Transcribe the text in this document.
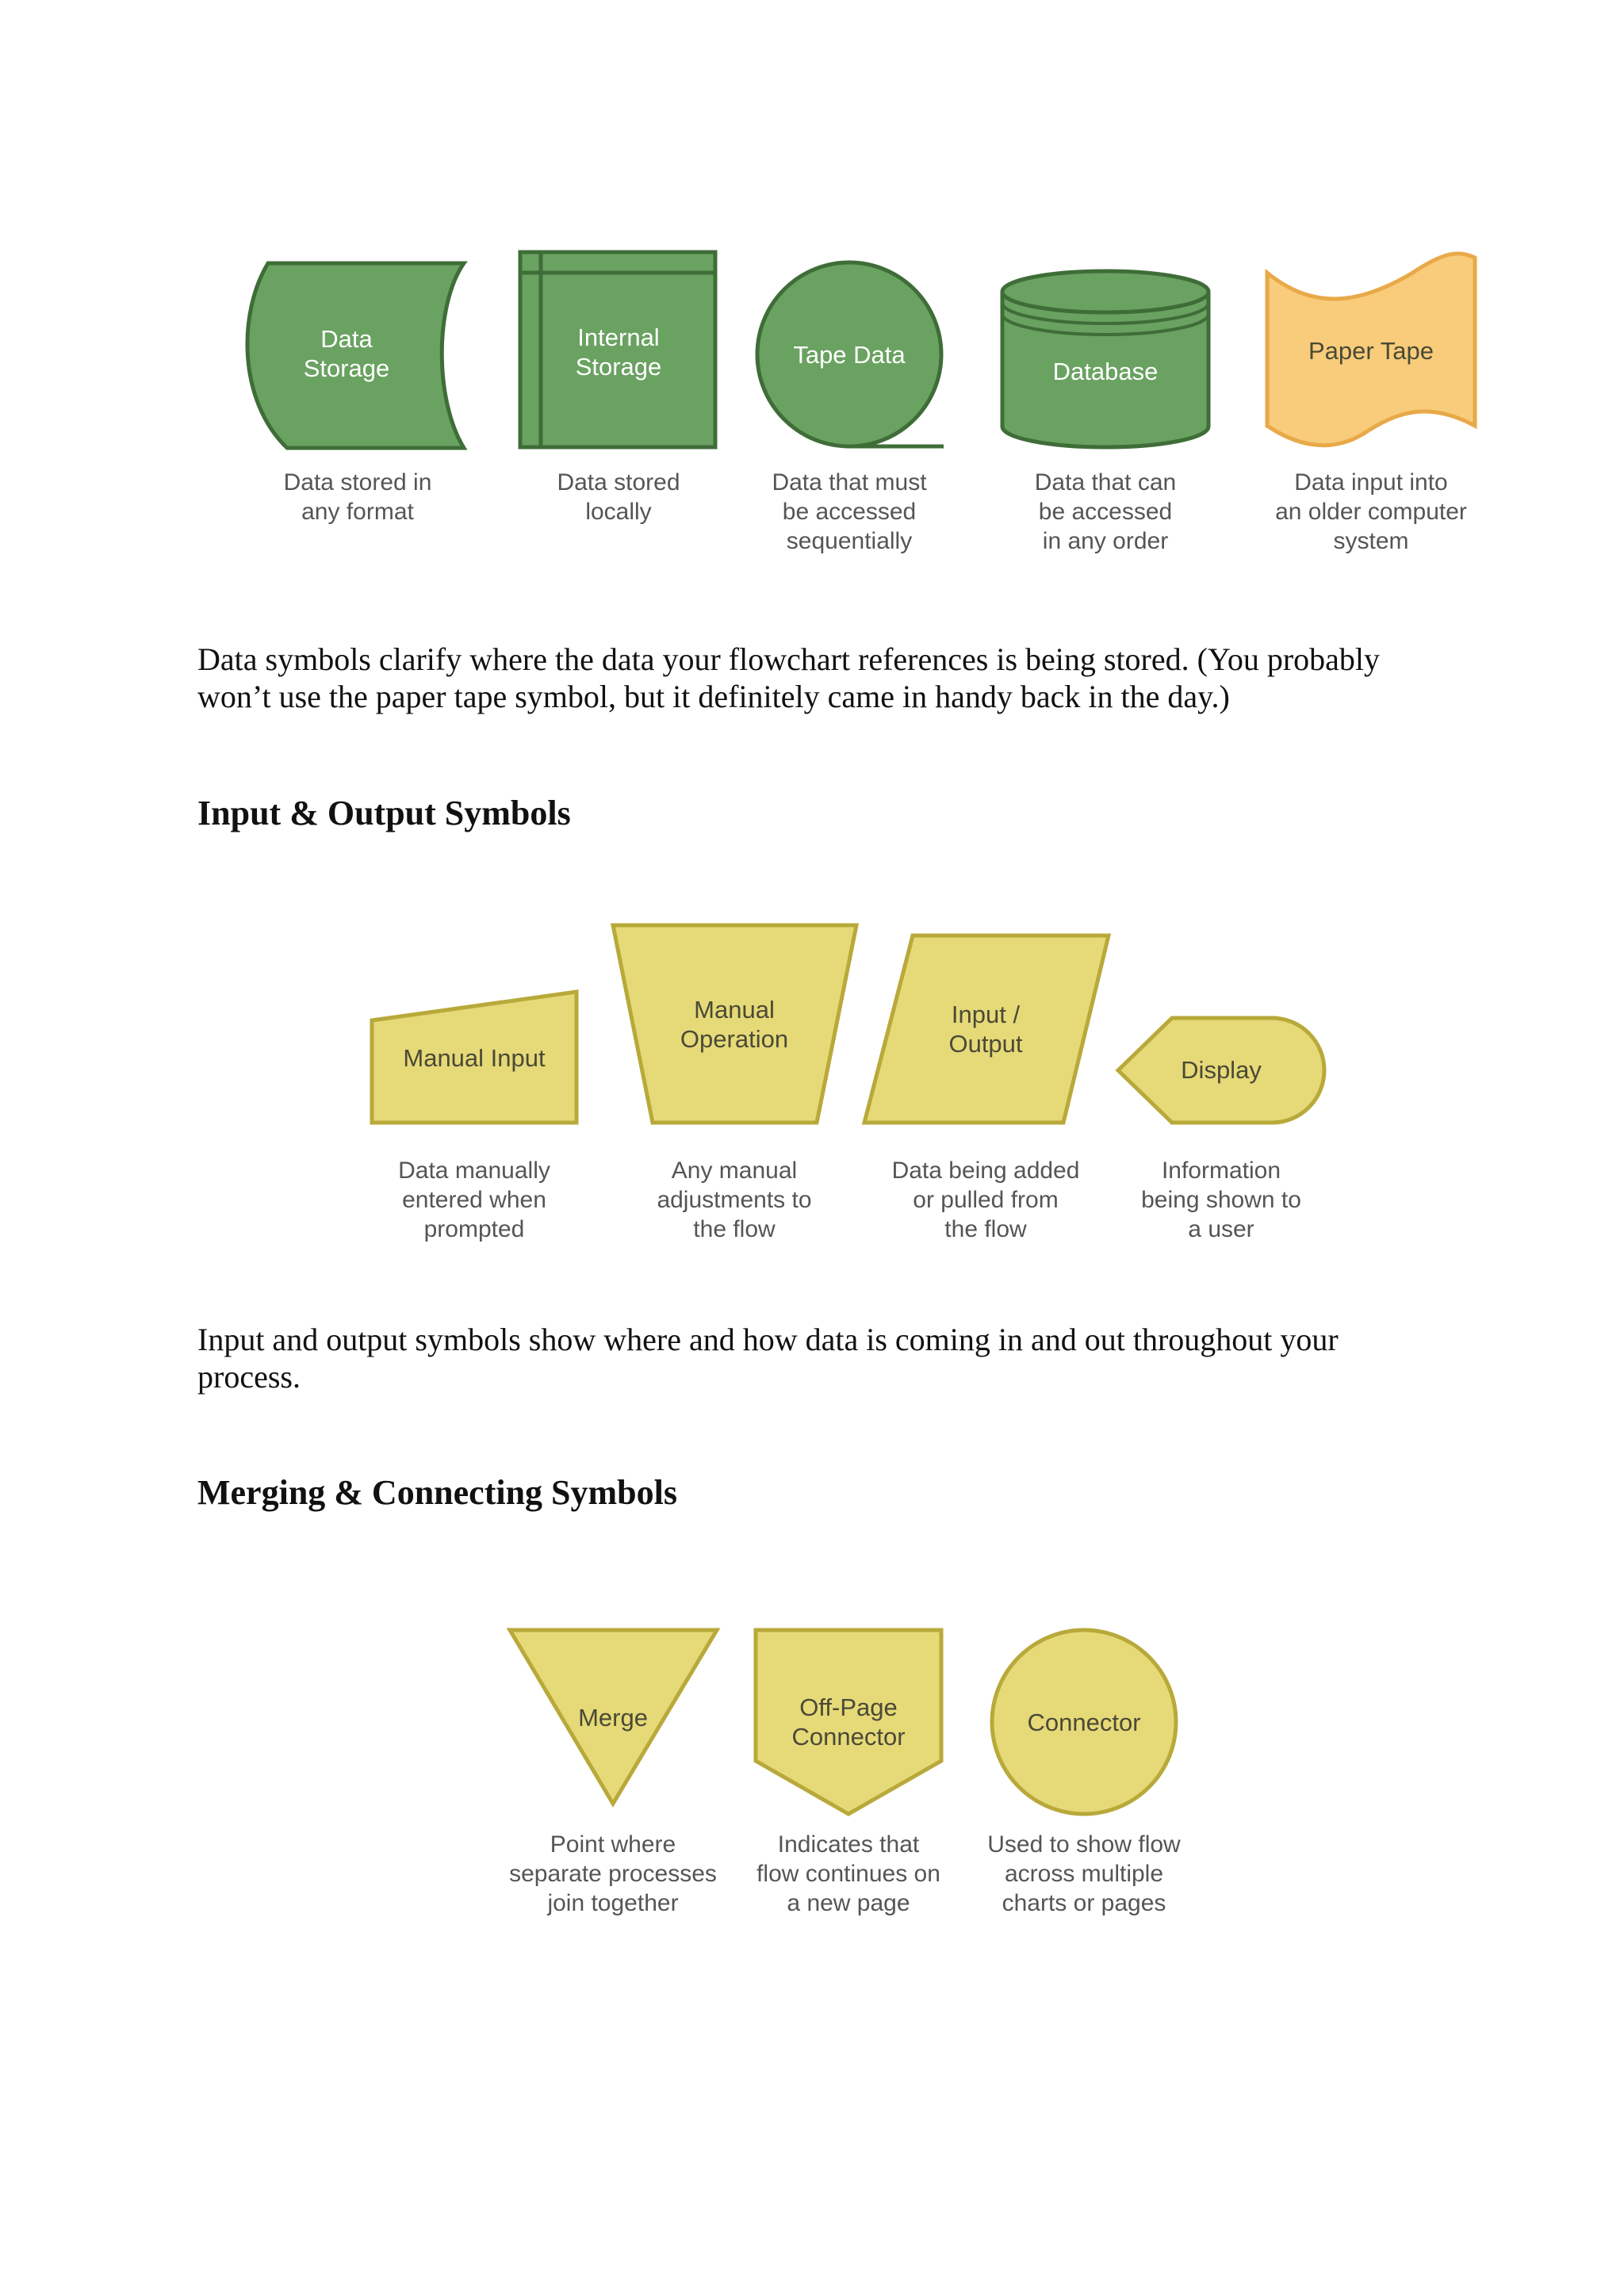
Data Storage
Data stored in any format
Internal Storage
Data stored locally
Tape Data
Data that must be accessed sequentially
Database
Data that can be accessed in any order
Paper Tape
Data input into an older computer system

Data symbols clarify where the data your flowchart references is being stored. (You probably won’t use the paper tape symbol, but it definitely came in handy back in the day.)

Input & Output Symbols
Manual Input
Data manually entered when prompted
Manual Operation
Any manual adjustments to the flow
Input / Output
Data being added or pulled from the flow
Display
Information being shown to a user

Input and output symbols show where and how data is coming in and out throughout your process.

Merging & Connecting Symbols
Merge
Point where separate processes join together
Off-Page Connector
Indicates that flow continues on a new page
Connector
Used to show flow across multiple charts or pages
